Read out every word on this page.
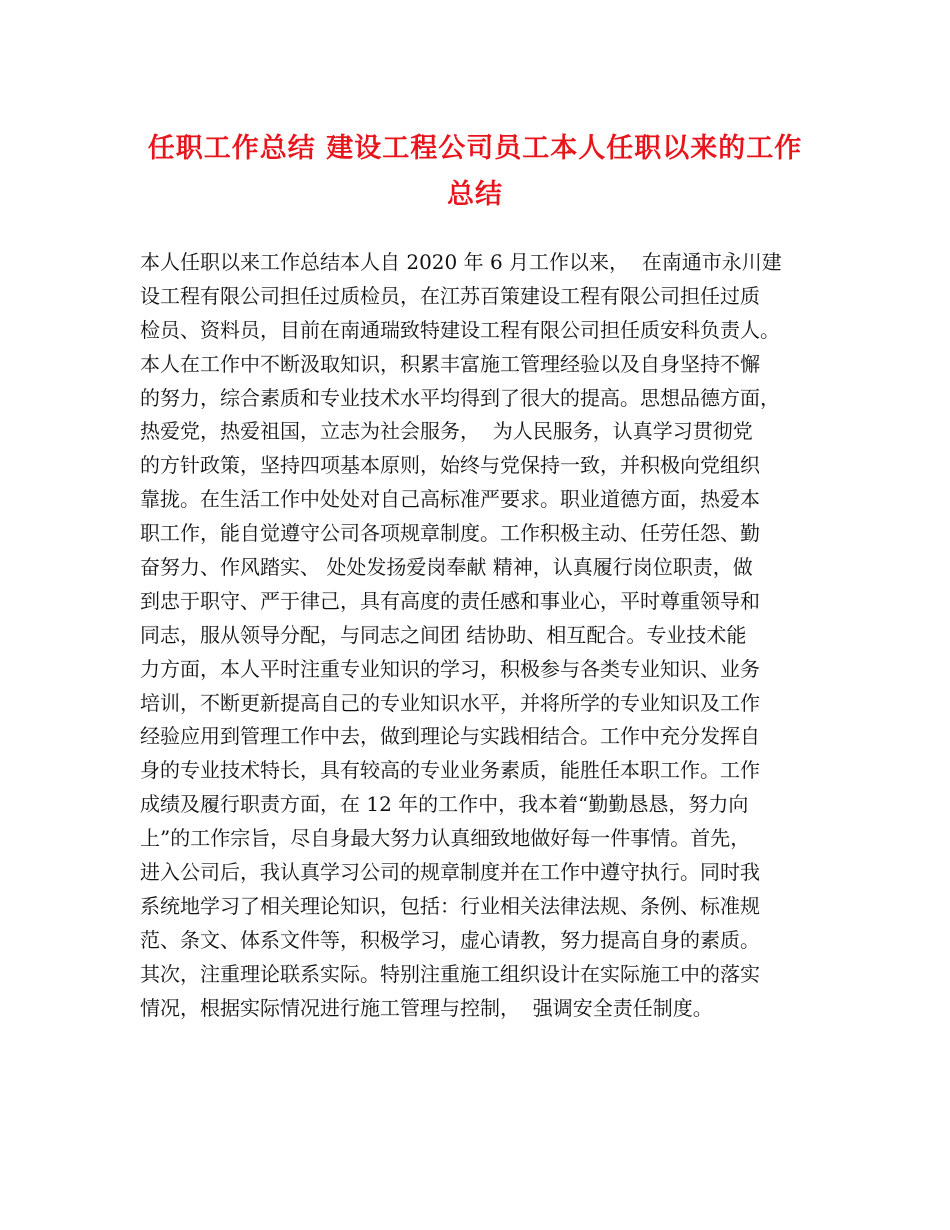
任职工作总结 建设工程公司员工本人任职以来的工作
总结
本人任职以来工作总结本人自 2020 年 6 月工作以来，  在南通市永川建
设工程有限公司担任过质检员，在江苏百策建设工程有限公司担任过质
检员、资料员，目前在南通瑞致特建设工程有限公司担任质安科负责人。
本人在工作中不断汲取知识，积累丰富施工管理经验以及自身坚持不懈
的努力，综合素质和专业技术水平均得到了很大的提高。思想品德方面，
热爱党，热爱祖国，立志为社会服务，  为人民服务，认真学习贯彻党
的方针政策，坚持四项基本原则，始终与党保持一致，并积极向党组织
靠拢。在生活工作中处处对自己高标准严要求。职业道德方面，热爱本
职工作，能自觉遵守公司各项规章制度。工作积极主动、任劳任怨、勤
奋努力、作风踏实、 处处发扬爱岗奉献 精神，认真履行岗位职责，做
到忠于职守、严于律己，具有高度的责任感和事业心，平时尊重领导和
同志，服从领导分配，与同志之间团 结协助、相互配合。专业技术能
力方面，本人平时注重专业知识的学习，积极参与各类专业知识、业务
培训，不断更新提高自己的专业知识水平，并将所学的专业知识及工作
经验应用到管理工作中去，做到理论与实践相结合。工作中充分发挥自
身的专业技术特长，具有较高的专业业务素质，能胜任本职工作。工作
成绩及履行职责方面，在 12 年的工作中，我本着“勤勤恳恳，努力向
上”的工作宗旨，尽自身最大努力认真细致地做好每一件事情。首先，
进入公司后，我认真学习公司的规章制度并在工作中遵守执行。同时我
系统地学习了相关理论知识，包括：行业相关法律法规、条例、标准规
范、条文、体系文件等，积极学习，虚心请教，努力提高自身的素质。
其次，注重理论联系实际。特别注重施工组织设计在实际施工中的落实
情况，根据实际情况进行施工管理与控制，  强调安全责任制度。
